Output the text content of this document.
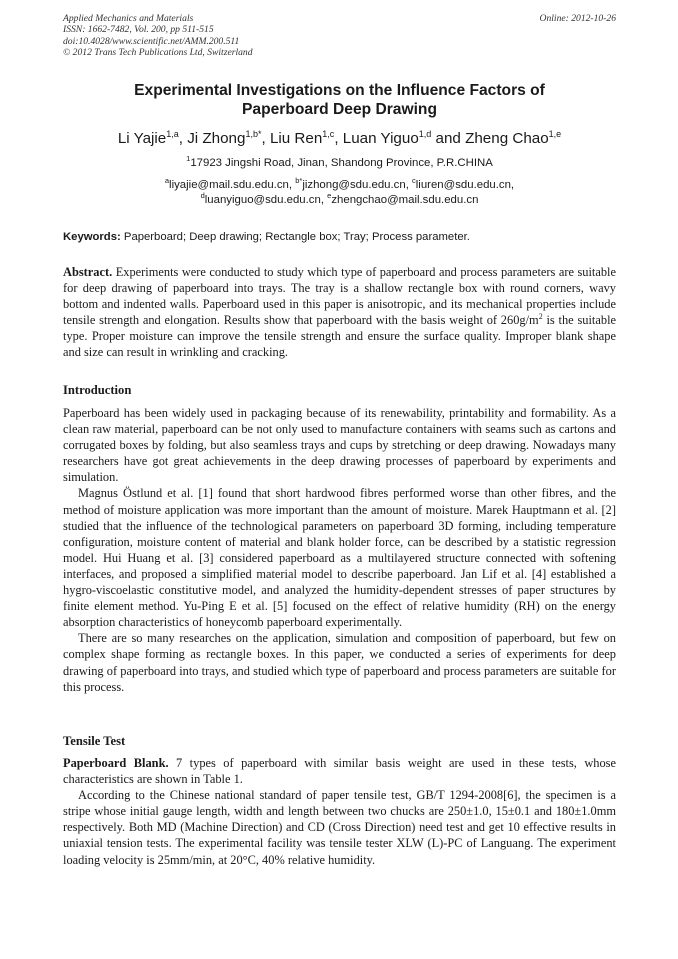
Applied Mechanics and Materials
ISSN: 1662-7482, Vol. 200, pp 511-515
doi:10.4028/www.scientific.net/AMM.200.511
© 2012 Trans Tech Publications Ltd, Switzerland
Online: 2012-10-26
Experimental Investigations on the Influence Factors of
Paperboard Deep Drawing
Li Yajie$^{1,a}$, Ji Zhong$^{1,b*}$, Liu Ren$^{1,c}$, Luan Yiguo$^{1,d}$ and Zheng Chao$^{1,e}$
$^1$17923 Jingshi Road, Jinan, Shandong Province, P.R.CHINA
$^a$liyajie@mail.sdu.edu.cn, $^{b*}$jizhong@sdu.edu.cn, $^c$liuren@sdu.edu.cn,
$^d$luanyiguo@sdu.edu.cn, $^e$zhengchao@mail.sdu.edu.cn
Keywords: Paperboard; Deep drawing; Rectangle box; Tray; Process parameter.

Abstract. Experiments were conducted to study which type of paperboard and process parameters are suitable for deep drawing of paperboard into trays. The tray is a shallow rectangle box with round corners, wavy bottom and indented walls. Paperboard used in this paper is anisotropic, and its mechanical properties include tensile strength and elongation. Results show that paperboard with the basis weight of $260g/m^2$ is the suitable type. Proper moisture can improve the tensile strength and ensure the surface quality. Improper blank shape and size can result in wrinkling and cracking.

Introduction

Paperboard has been widely used in packaging because of its renewability, printability and formability. As a clean raw material, paperboard can be not only used to manufacture containers with seams such as cartons and corrugated boxes by folding, but also seamless trays and cups by stretching or deep drawing. Nowadays many researchers have got great achievements in the deep drawing processes of paperboard by experiments and simulation.

Magnus Östlund et al. [1] found that short hardwood fibres performed worse than other fibres, and the method of moisture application was more important than the amount of moisture. Marek Hauptmann et al. [2] studied that the influence of the technological parameters on paperboard 3D forming, including temperature configuration, moisture content of material and blank holder force, can be described by a statistic regression model. Hui Huang et al. [3] considered paperboard as a multilayered structure connected with softening interfaces, and proposed a simplified material model to describe paperboard. Jan Lif et al. [4] established a hygro-viscoelastic constitutive model, and analyzed the humidity-dependent stresses of paper structures by finite element method. Yu-Ping E et al. [5] focused on the effect of relative humidity (RH) on the energy absorption characteristics of honeycomb paperboard experimentally.

There are so many researches on the application, simulation and composition of paperboard, but few on complex shape forming as rectangle boxes. In this paper, we conducted a series of experiments for deep drawing of paperboard into trays, and studied which type of paperboard and process parameters are suitable for this process.

Tensile Test

Paperboard Blank. 7 types of paperboard with similar basis weight are used in these tests, whose characteristics are shown in Table 1.

According to the Chinese national standard of paper tensile test, GB/T 1294-2008[6], the specimen is a stripe whose initial gauge length, width and length between two chucks are 250±1.0, 15±0.1 and 180±1.0mm respectively. Both MD (Machine Direction) and CD (Cross Direction) need test and get 10 effective results in uniaxial tension tests. The experimental facility was tensile tester XLW (L)-PC of Languang. The experiment loading velocity is 25mm/min, at 20°C, 40% relative humidity.
